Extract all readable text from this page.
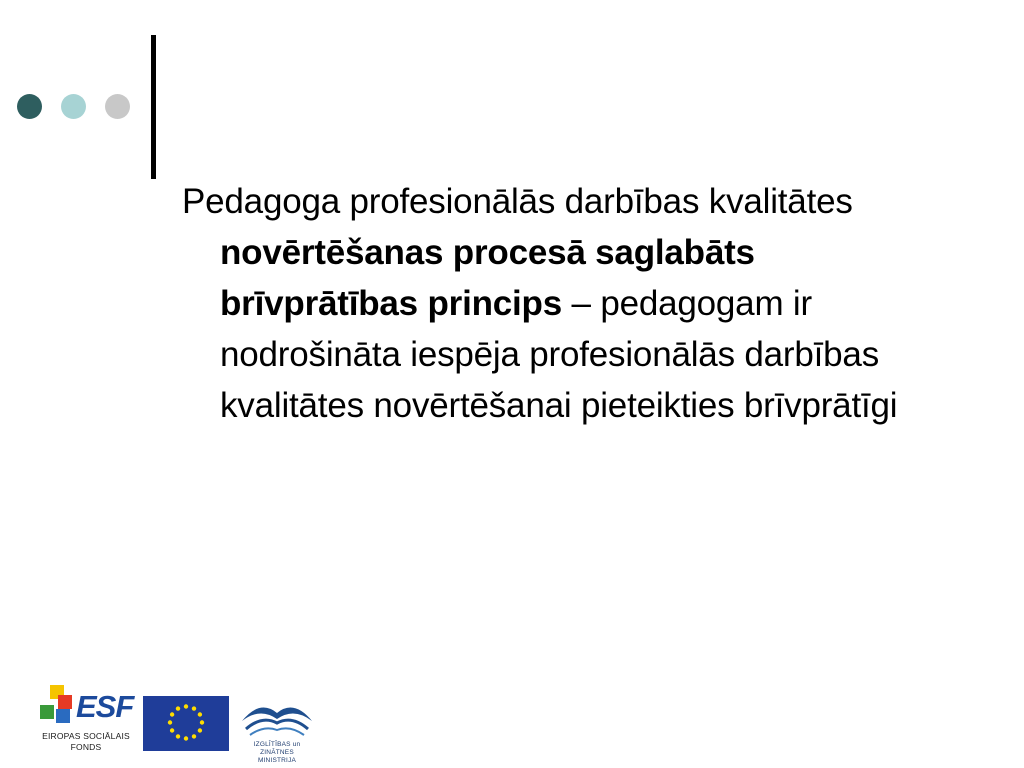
Pedagoga profesionālās darbības kvalitātes novērtēšanas procesā saglabāts brīvprātības princips – pedagogam ir nodrošināta iespēja profesionālās darbības kvalitātes novērtēšanai pieteikties brīvprātīgi
ESF
EIROPAS SOCIĀLAIS
FONDS	IZGLĪTĪBAS un ZINĀTNES
MINISTRIJA
